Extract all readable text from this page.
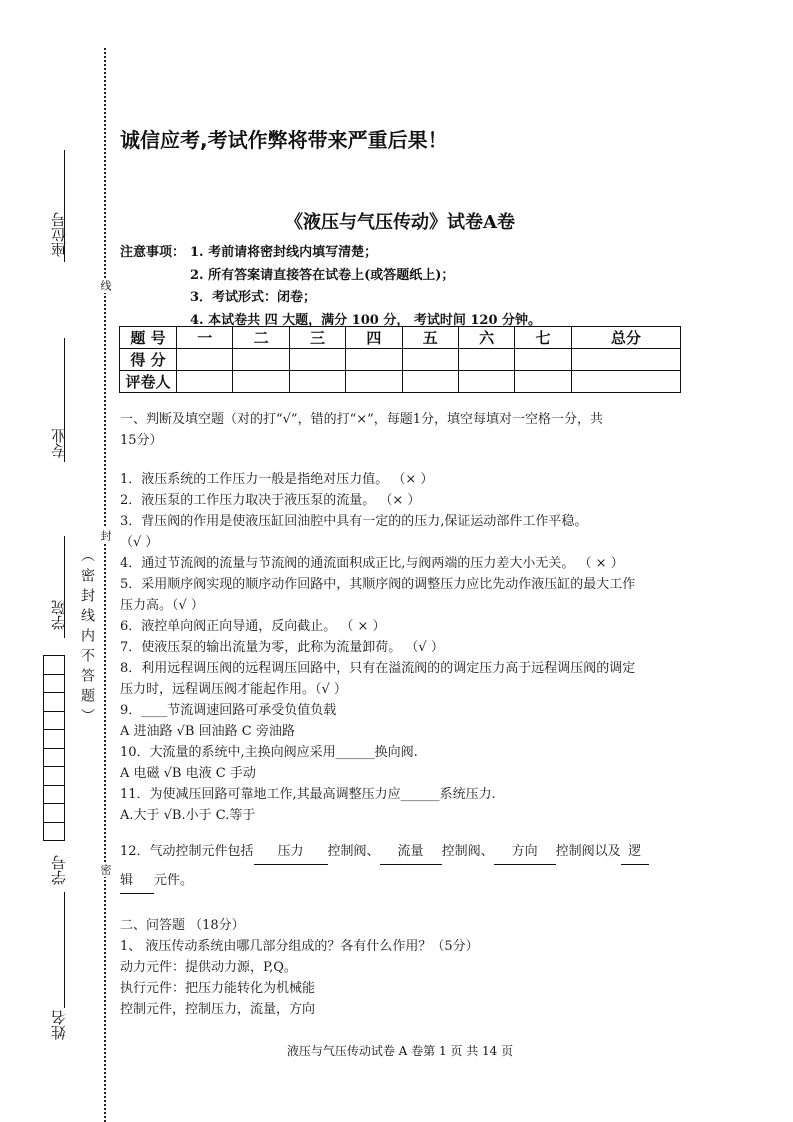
线
封
密
座位号
专业
学院 （密封线内不答题）
学号
姓名
诚信应考,考试作弊将带来严重后果！
《液压与气压传动》试卷A卷
注意事项： 1. 考前请将密封线内填写清楚；
2. 所有答案请直接答在试卷上(或答题纸上)；
3．考试形式：闭卷；
4. 本试卷共 四 大题，满分 100 分， 考试时间 120 分钟。
题 号	一	二	三	四	五	六	七	总分
得 分								
评卷人								
一、判断及填空题（对的打“√”，错的打“×”，每题1分，填空每填对一空格一分，共
15分）
1．液压系统的工作压力一般是指绝对压力值。 （× ）
2．液压泵的工作压力取决于液压泵的流量。 （× ）
3．背压阀的作用是使液压缸回油腔中具有一定的的压力,保证运动部件工作平稳。
（√ ）
4．通过节流阀的流量与节流阀的通流面积成正比,与阀两端的压力差大小无关。 （ × ）
5．采用顺序阀实现的顺序动作回路中，其顺序阀的调整压力应比先动作液压缸的最大工作
压力高。（√ ）
6．液控单向阀正向导通，反向截止。 （ × ）
7．使液压泵的输出流量为零，此称为流量卸荷。 （√ ）
8．利用远程调压阀的远程调压回路中，只有在溢流阀的的调定压力高于远程调压阀的调定
压力时，远程调压阀才能起作用。（√ ）
9．____节流调速回路可承受负值负载
A 进油路 √B 回油路 C 旁油路
10．大流量的系统中,主换向阀应采用______换向阀.
A 电磁 √B 电液 C 手动
11．为使减压回路可靠地工作,其最高调整压力应______系统压力.
A.大于 √B.小于 C.等于
12．气动控制元件包括 压力 控制阀、 流量 控制阀、 方向 控制阀以及 逻
辑 元件。
二、问答题 （18分）
1、 液压传动系统由哪几部分组成的？各有什么作用？（5分）
动力元件：提供动力源，P,Q。
执行元件：把压力能转化为机械能
控制元件，控制压力，流量，方向
液压与气压传动试卷 A 卷第 1 页 共 14 页
